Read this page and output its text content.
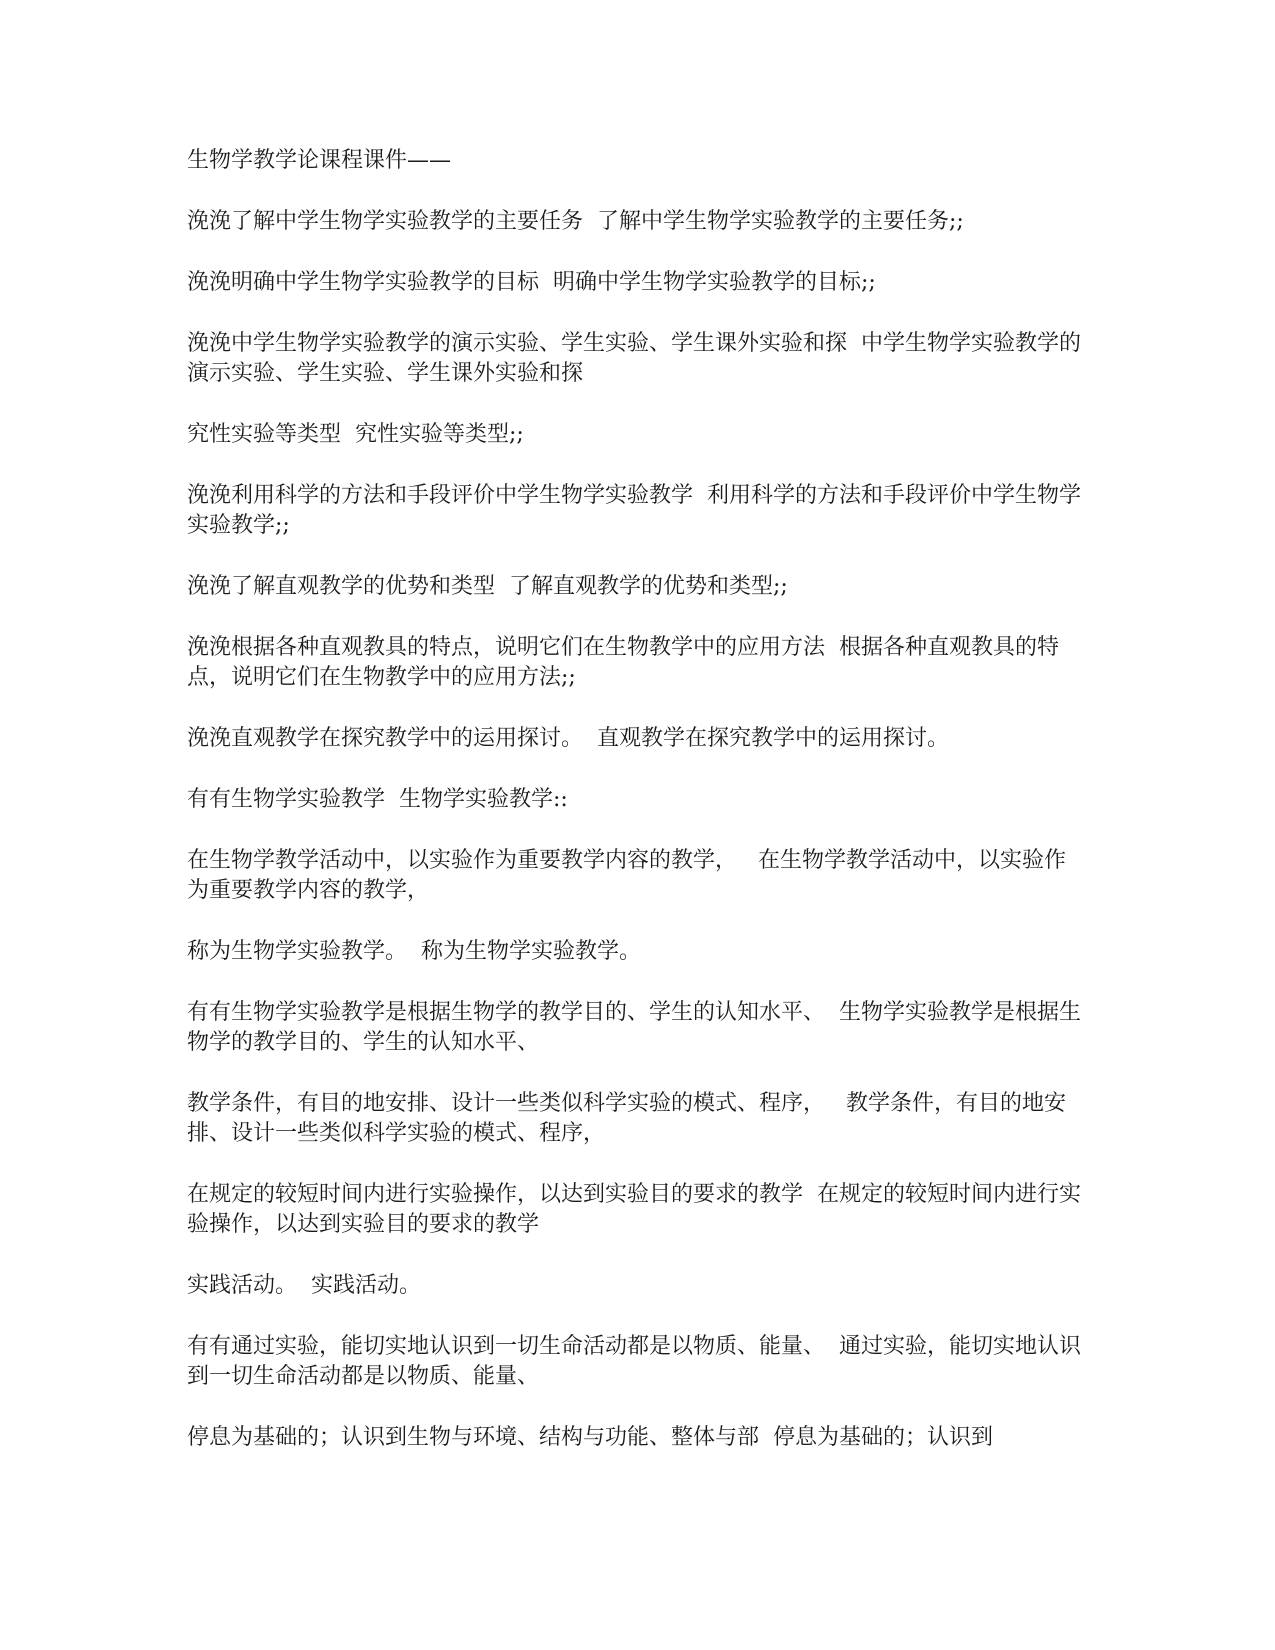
生物学教学论课程课件——

浼浼了解中学生物学实验教学的主要任务  了解中学生物学实验教学的主要任务;;

浼浼明确中学生物学实验教学的目标  明确中学生物学实验教学的目标;;

浼浼中学生物学实验教学的演示实验、学生实验、学生课外实验和探  中学生物学实验教学的演示实验、学生实验、学生课外实验和探

究性实验等类型  究性实验等类型;;

浼浼利用科学的方法和手段评价中学生物学实验教学  利用科学的方法和手段评价中学生物学实验教学;;

浼浼了解直观教学的优势和类型  了解直观教学的优势和类型;;

浼浼根据各种直观教具的特点，说明它们在生物教学中的应用方法  根据各种直观教具的特点，说明它们在生物教学中的应用方法;;

浼浼直观教学在探究教学中的运用探讨。  直观教学在探究教学中的运用探讨。

有有生物学实验教学  生物学实验教学::

在生物学教学活动中，以实验作为重要教学内容的教学，   在生物学教学活动中，以实验作为重要教学内容的教学，

称为生物学实验教学。  称为生物学实验教学。

有有生物学实验教学是根据生物学的教学目的、学生的认知水平、  生物学实验教学是根据生物学的教学目的、学生的认知水平、

教学条件，有目的地安排、设计一些类似科学实验的模式、程序，   教学条件，有目的地安排、设计一些类似科学实验的模式、程序，

在规定的较短时间内进行实验操作，以达到实验目的要求的教学  在规定的较短时间内进行实验操作，以达到实验目的要求的教学

实践活动。  实践活动。

有有通过实验，能切实地认识到一切生命活动都是以物质、能量、  通过实验，能切实地认识到一切生命活动都是以物质、能量、

停息为基础的；认识到生物与环境、结构与功能、整体与部  停息为基础的；认识到
